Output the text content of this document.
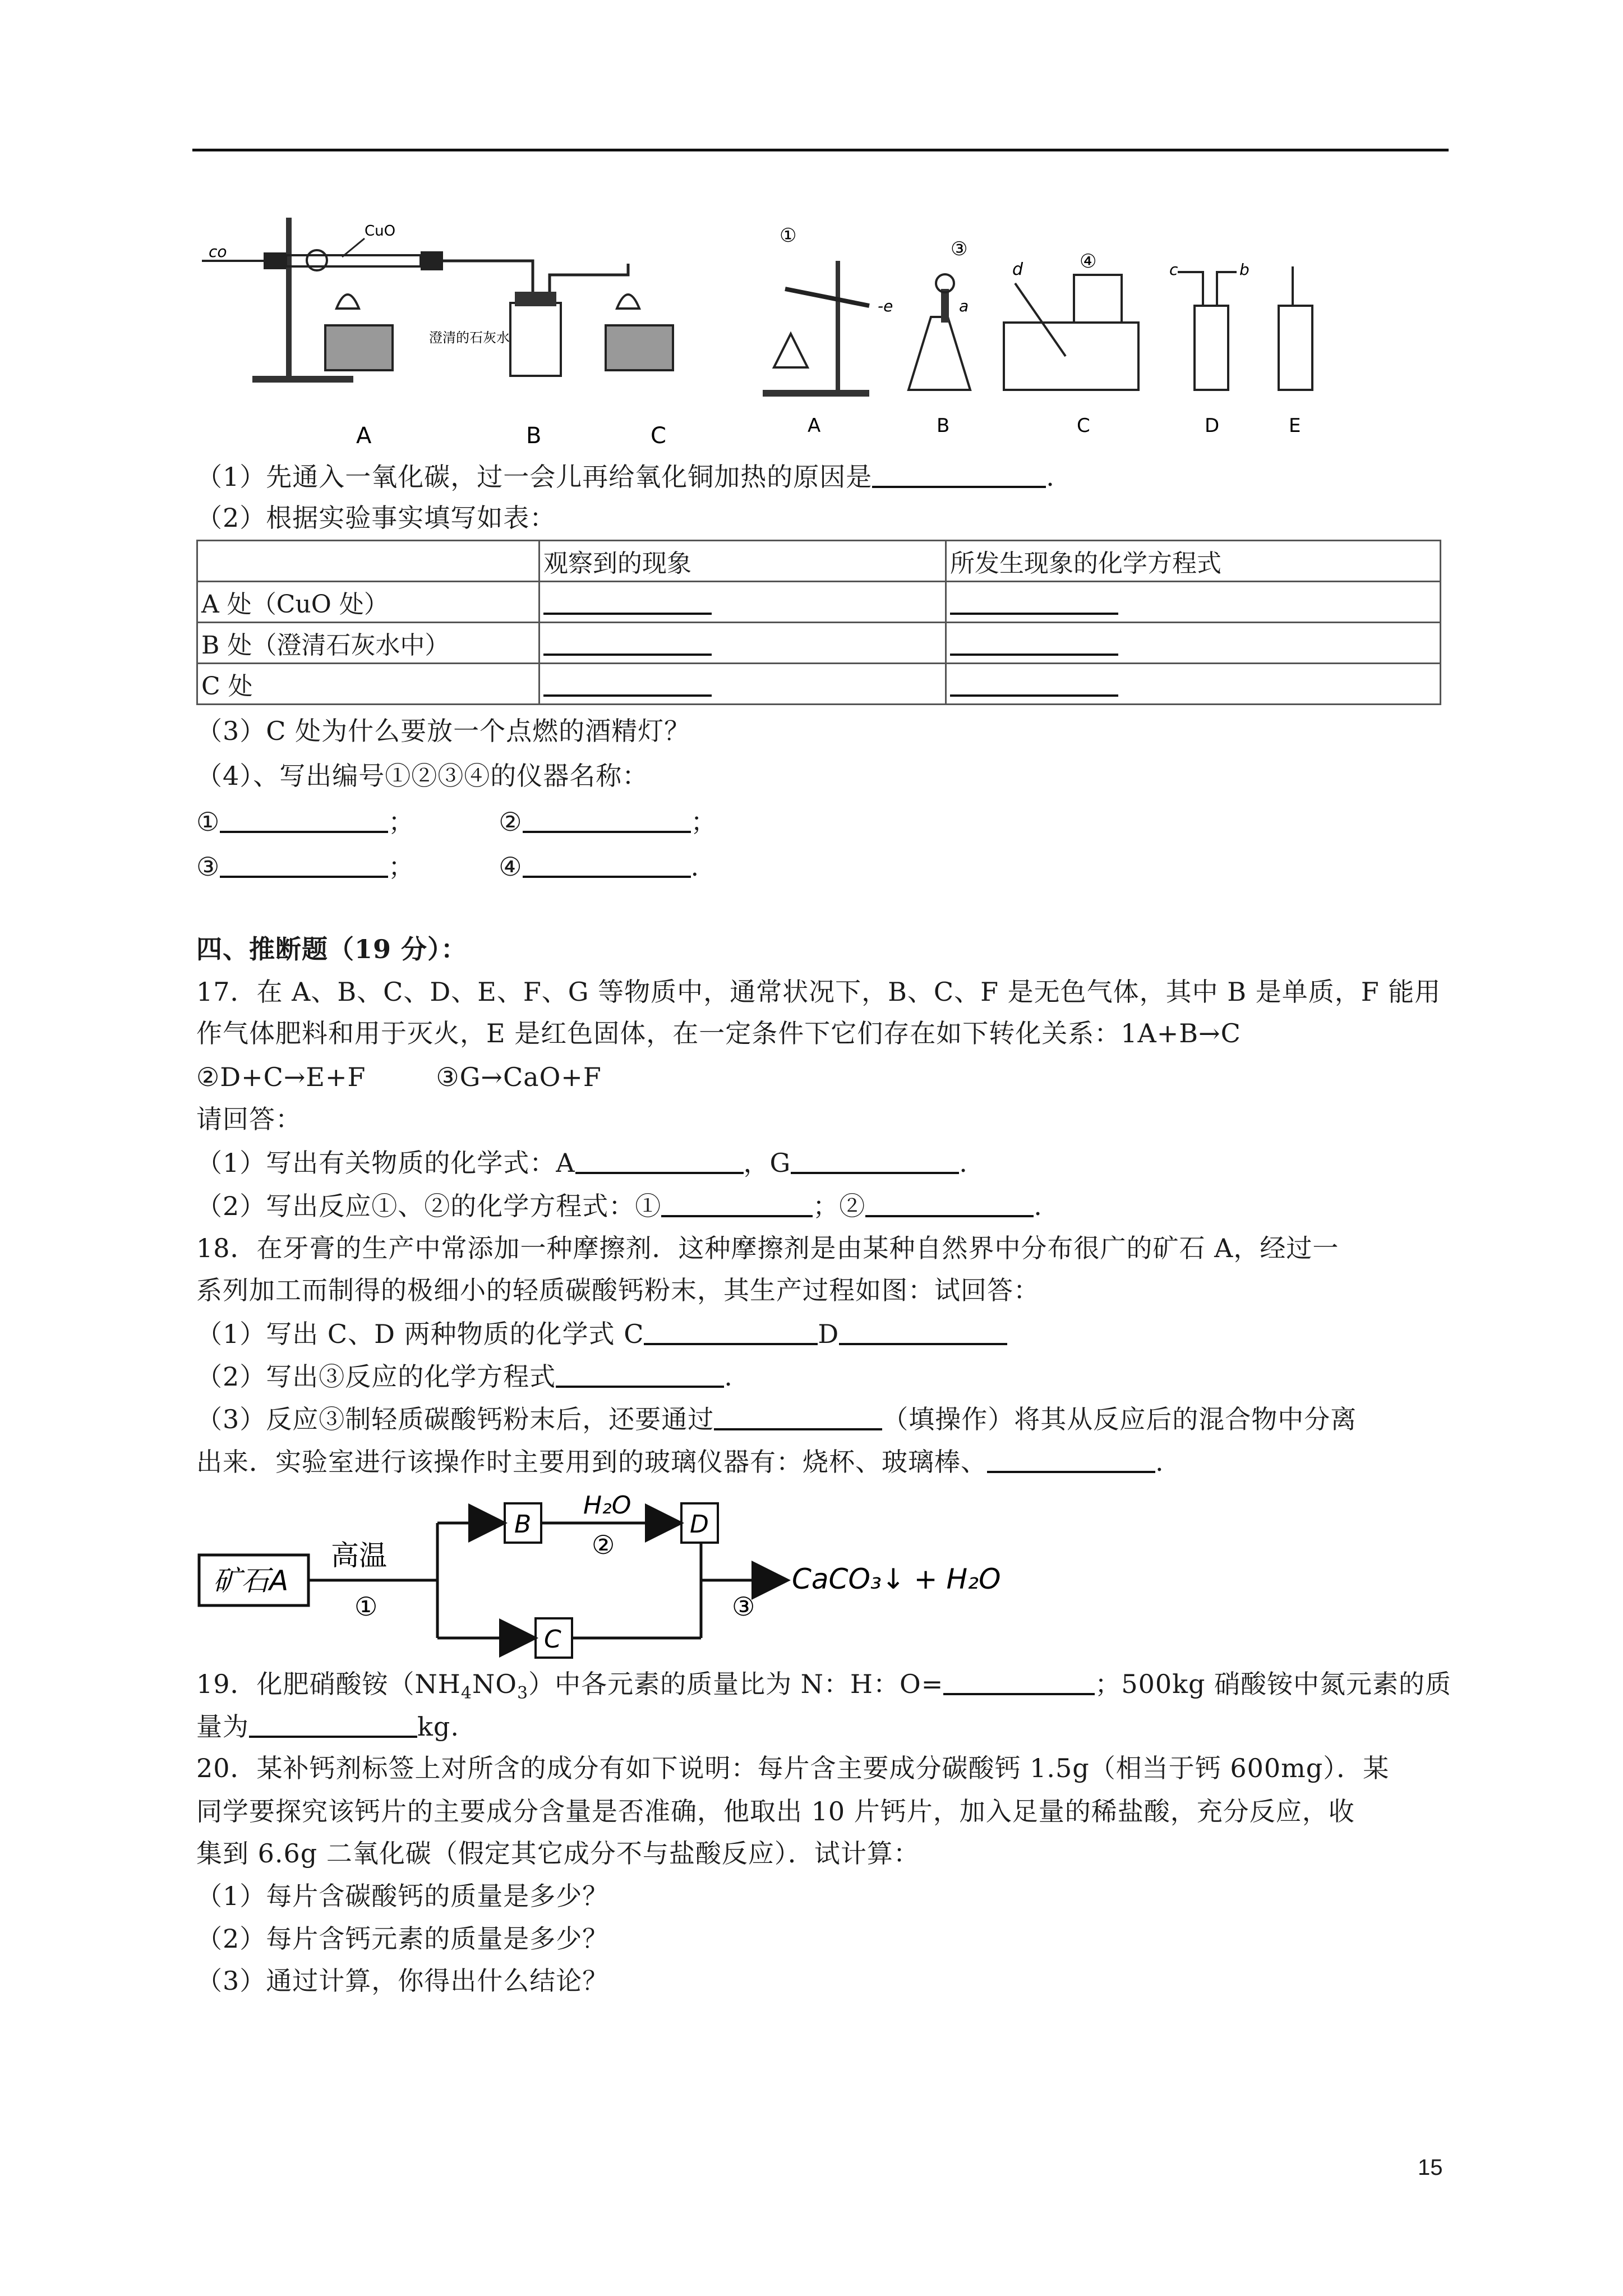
co
CuO
澄清的石灰水
A	B	C
①
③
④
-e	a
d	c	b
A	B	C	D	E
（1）先通入一氧化碳，过一会儿再给氧化铜加热的原因是	.
（2）根据实验事实填写如表：
	观察到的现象	所发生现象的化学方程式
A 处（CuO 处）		
B 处（澄清石灰水中）		
C 处		
（3）C 处为什么要放一个点燃的酒精灯？
（4）、写出编号①②③④的仪器名称：
①	；	②	；
③	；	④	.
四、推断题（19 分）：
17．在 A、B、C、D、E、F、G 等物质中，通常状况下，B、C、F 是无色气体，其中 B 是单质，F 能用
作气体肥料和用于灭火，E 是红色固体，在一定条件下它们存在如下转化关系：1A+B→C
②D+C→E+F        ③G→CaO+F
请回答：
（1）写出有关物质的化学式：A	，G	.
（2）写出反应①、②的化学方程式：①	；②	.
18．在牙膏的生产中常添加一种摩擦剂．这种摩擦剂是由某种自然界中分布很广的矿石 A，经过一
系列加工而制得的极细小的轻质碳酸钙粉末，其生产过程如图：试回答：
（1）写出 C、D 两种物质的化学式 C	D
（2）写出③反应的化学方程式	.
（3）反应③制轻质碳酸钙粉末后，还要通过	（填操作）将其从反应后的混合物中分离
出来．实验室进行该操作时主要用到的玻璃仪器有：烧杯、玻璃棒、	.
矿石A
高温
①
B
H₂O
②
D
C
③
CaCO₃↓ + H₂O
19．化肥硝酸铵$(NH_4NO_3)$中各元素的质量比为 N：H：O=	；500kg 硝酸铵中氮元素的质
量为	kg.
20．某补钙剂标签上对所含的成分有如下说明：每片含主要成分碳酸钙 1.5g（相当于钙 600mg）．某
同学要探究该钙片的主要成分含量是否准确，他取出 10 片钙片，加入足量的稀盐酸，充分反应，收
集到 6.6g 二氧化碳（假定其它成分不与盐酸反应）．试计算：
（1）每片含碳酸钙的质量是多少？
（2）每片含钙元素的质量是多少？
（3）通过计算，你得出什么结论？
15
